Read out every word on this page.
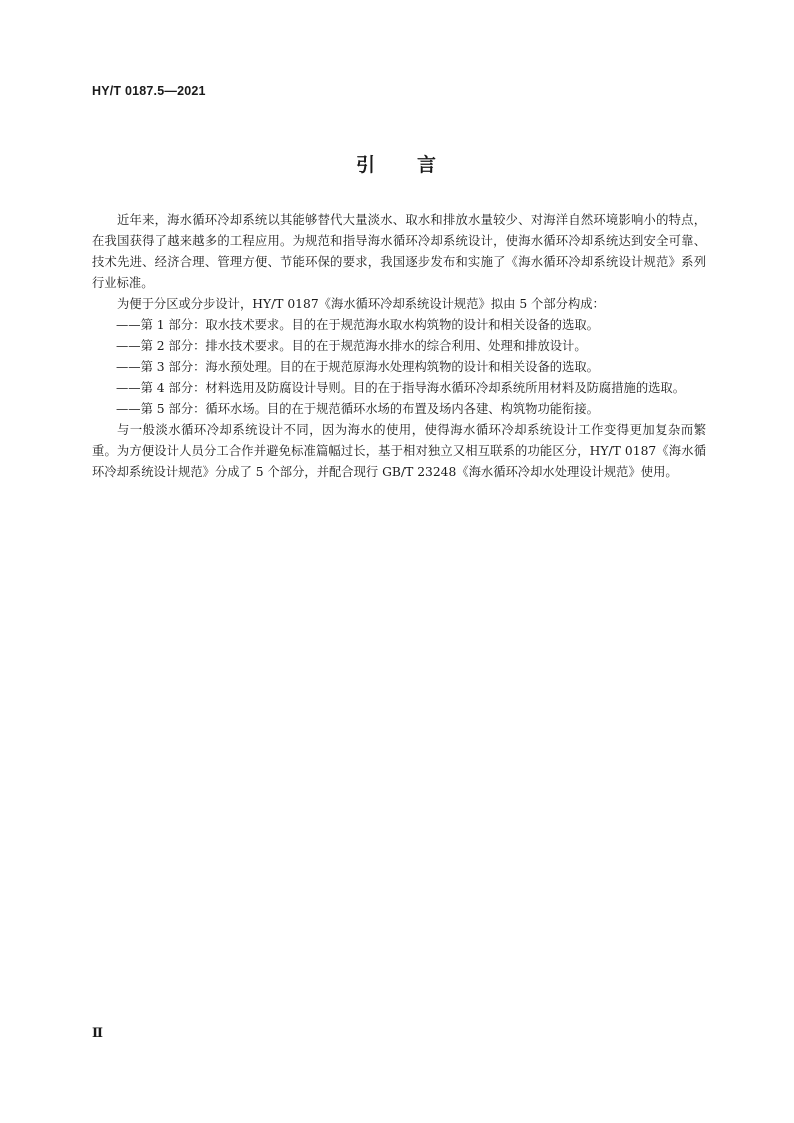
HY/T 0187.5—2021
引 言

近年来，海水循环冷却系统以其能够替代大量淡水、取水和排放水量较少、对海洋自然环境影响小的特点，在我国获得了越来越多的工程应用。为规范和指导海水循环冷却系统设计，使海水循环冷却系统达到安全可靠、技术先进、经济合理、管理方便、节能环保的要求，我国逐步发布和实施了《海水循环冷却系统设计规范》系列行业标准。

为便于分区或分步设计，HY/T 0187《海水循环冷却系统设计规范》拟由 5 个部分构成：

——第 1 部分：取水技术要求。目的在于规范海水取水构筑物的设计和相关设备的选取。

——第 2 部分：排水技术要求。目的在于规范海水排水的综合利用、处理和排放设计。

——第 3 部分：海水预处理。目的在于规范原海水处理构筑物的设计和相关设备的选取。

——第 4 部分：材料选用及防腐设计导则。目的在于指导海水循环冷却系统所用材料及防腐措施的选取。

——第 5 部分：循环水场。目的在于规范循环水场的布置及场内各建、构筑物功能衔接。

与一般淡水循环冷却系统设计不同，因为海水的使用，使得海水循环冷却系统设计工作变得更加复杂而繁重。为方便设计人员分工合作并避免标准篇幅过长，基于相对独立又相互联系的功能区分，HY/T 0187《海水循环冷却系统设计规范》分成了 5 个部分，并配合现行 GB/T 23248《海水循环冷却水处理设计规范》使用。

Ⅱ
